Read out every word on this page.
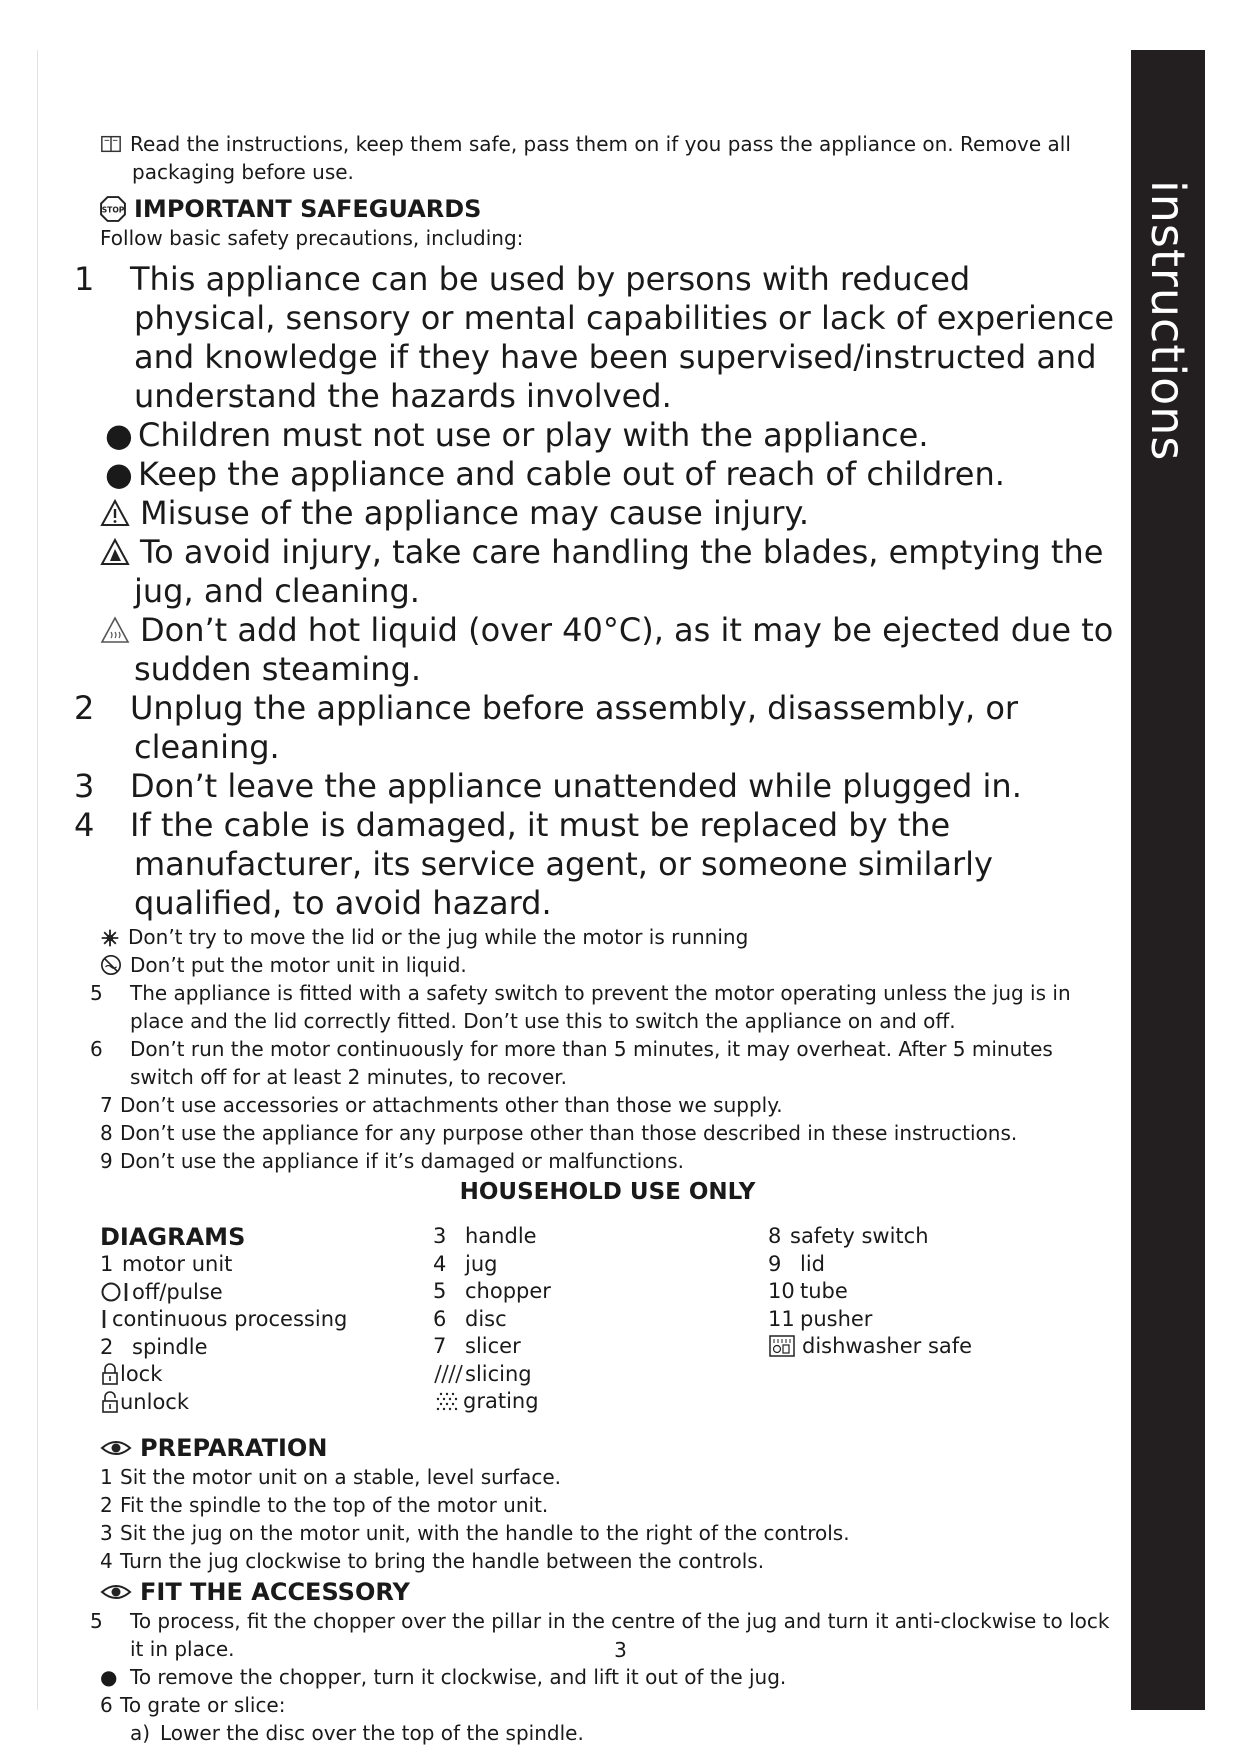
instructions
Read the instructions, keep them safe, pass them on if you pass the appliance on. Remove all packaging before use.
STOP IMPORTANT SAFEGUARDS
Follow basic safety precautions, including:
1 This appliance can be used by persons with reduced physical, sensory or mental capabilities or lack of experience and knowledge if they have been supervised/instructed and understand the hazards involved.
● Children must not use or play with the appliance.
● Keep the appliance and cable out of reach of children.
Misuse of the appliance may cause injury.
To avoid injury, take care handling the blades, emptying the jug, and cleaning.
Don’t add hot liquid (over 40°C), as it may be ejected due to sudden steaming.
2 Unplug the appliance before assembly, disassembly, or cleaning.
3 Don’t leave the appliance unattended while plugged in.
4 If the cable is damaged, it must be replaced by the manufacturer, its service agent, or someone similarly qualified, to avoid hazard.
Don’t try to move the lid or the jug while the motor is running
Don’t put the motor unit in liquid.
5 The appliance is fitted with a safety switch to prevent the motor operating unless the jug is in place and the lid correctly fitted. Don’t use this to switch the appliance on and off.
6 Don’t run the motor continuously for more than 5 minutes, it may overheat. After 5 minutes switch off for at least 2 minutes, to recover.
7 Don’t use accessories or attachments other than those we supply.
8 Don’t use the appliance for any purpose other than those described in these instructions.
9 Don’t use the appliance if it’s damaged or malfunctions.
HOUSEHOLD USE ONLY
DIAGRAMS
1 motor unit
off/pulse
continuous processing
2 spindle
lock
unlock
3 handle
4 jug
5 chopper
6 disc
7 slicer
slicing
grating
8 safety switch
9 lid
10 tube
11 pusher
dishwasher safe
PREPARATION
1 Sit the motor unit on a stable, level surface.
2 Fit the spindle to the top of the motor unit.
3 Sit the jug on the motor unit, with the handle to the right of the controls.
4 Turn the jug clockwise to bring the handle between the controls.
FIT THE ACCESSORY
5 To process, fit the chopper over the pillar in the centre of the jug and turn it anti-clockwise to lock it in place.
● To remove the chopper, turn it clockwise, and lift it out of the jug.
6 To grate or slice:
a) Lower the disc over the top of the spindle.
3
